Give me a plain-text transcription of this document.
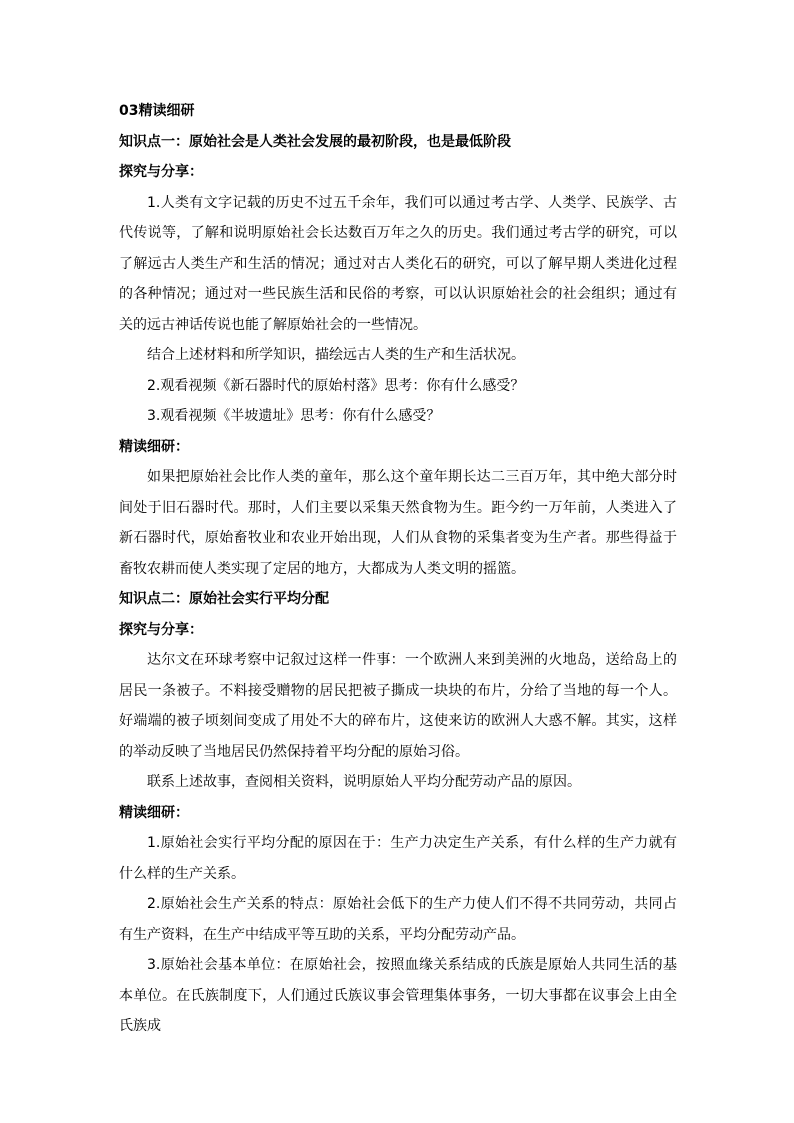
03精读细研
知识点一：原始社会是人类社会发展的最初阶段，也是最低阶段
探究与分享：
1.人类有文字记载的历史不过五千余年，我们可以通过考古学、人类学、民族学、古代传说等，了解和说明原始社会长达数百万年之久的历史。我们通过考古学的研究，可以了解远古人类生产和生活的情况；通过对古人类化石的研究，可以了解早期人类进化过程的各种情况；通过对一些民族生活和民俗的考察，可以认识原始社会的社会组织；通过有关的远古神话传说也能了解原始社会的一些情况。
结合上述材料和所学知识，描绘远古人类的生产和生活状况。
2.观看视频《新石器时代的原始村落》思考：你有什么感受？
3.观看视频《半坡遗址》思考：你有什么感受？
精读细研：
如果把原始社会比作人类的童年，那么这个童年期长达二三百万年，其中绝大部分时间处于旧石器时代。那时，人们主要以采集天然食物为生。距今约一万年前，人类进入了新石器时代，原始畜牧业和农业开始出现，人们从食物的采集者变为生产者。那些得益于畜牧农耕而使人类实现了定居的地方，大都成为人类文明的摇篮。
知识点二：原始社会实行平均分配
探究与分享：
达尔文在环球考察中记叙过这样一件事：一个欧洲人来到美洲的火地岛，送给岛上的居民一条被子。不料接受赠物的居民把被子撕成一块块的布片，分给了当地的每一个人。好端端的被子顷刻间变成了用处不大的碎布片，这使来访的欧洲人大惑不解。其实，这样的举动反映了当地居民仍然保持着平均分配的原始习俗。
联系上述故事，查阅相关资料，说明原始人平均分配劳动产品的原因。
精读细研：
1.原始社会实行平均分配的原因在于：生产力决定生产关系，有什么样的生产力就有什么样的生产关系。
2.原始社会生产关系的特点：原始社会低下的生产力使人们不得不共同劳动，共同占有生产资料，在生产中结成平等互助的关系，平均分配劳动产品。
3.原始社会基本单位：在原始社会，按照血缘关系结成的氏族是原始人共同生活的基本单位。在氏族制度下，人们通过氏族议事会管理集体事务，一切大事都在议事会上由全氏族成
